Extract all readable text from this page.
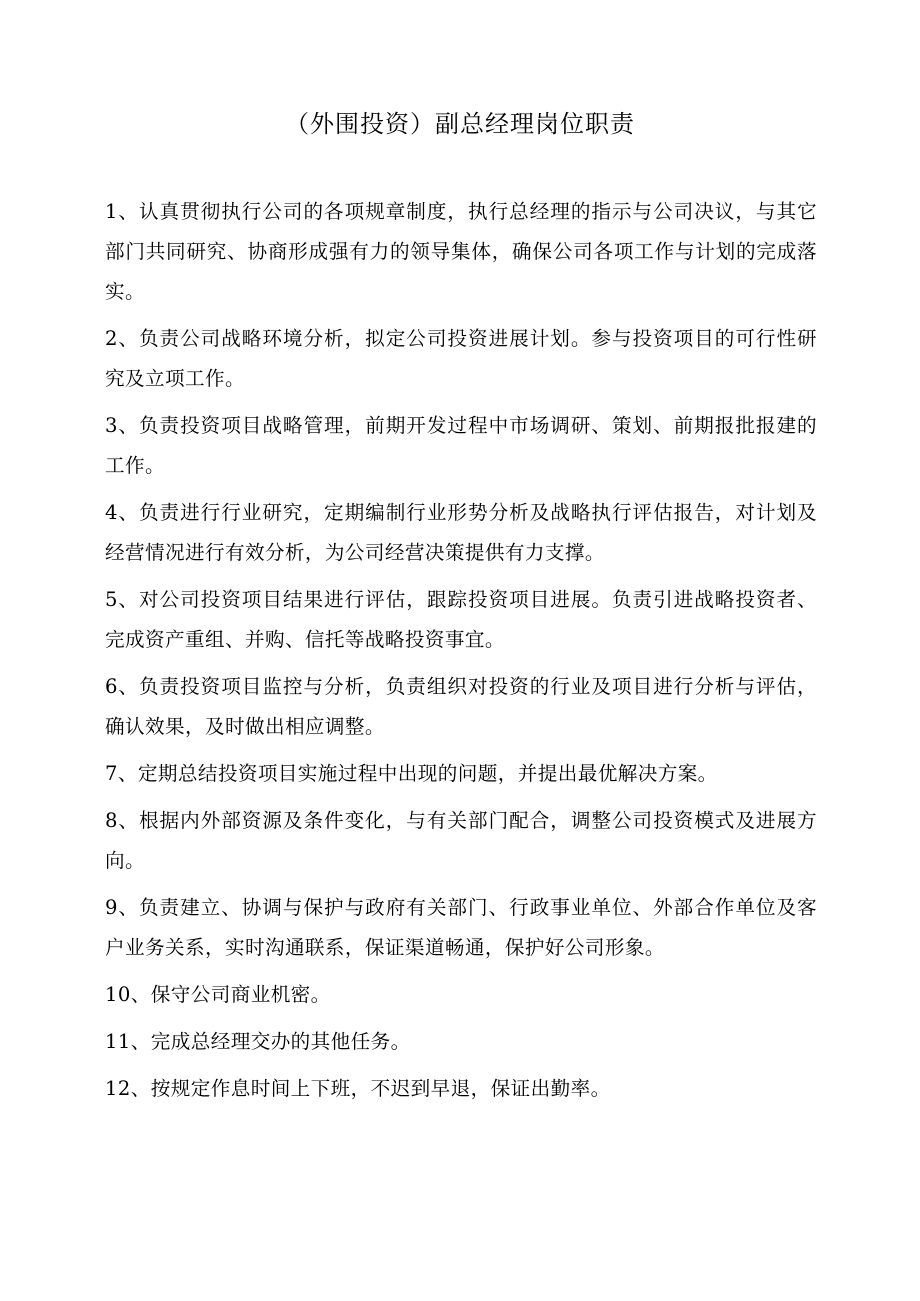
（外围投资）副总经理岗位职责
1、认真贯彻执行公司的各项规章制度，执行总经理的指示与公司决议，与其它部门共同研究、协商形成强有力的领导集体，确保公司各项工作与计划的完成落实。
2、负责公司战略环境分析，拟定公司投资进展计划。参与投资项目的可行性研究及立项工作。
3、负责投资项目战略管理，前期开发过程中市场调研、策划、前期报批报建的工作。
4、负责进行行业研究，定期编制行业形势分析及战略执行评估报告，对计划及经营情况进行有效分析，为公司经营决策提供有力支撑。
5、对公司投资项目结果进行评估，跟踪投资项目进展。负责引进战略投资者、完成资产重组、并购、信托等战略投资事宜。
6、负责投资项目监控与分析，负责组织对投资的行业及项目进行分析与评估，确认效果，及时做出相应调整。
7、定期总结投资项目实施过程中出现的问题，并提出最优解决方案。
8、根据内外部资源及条件变化，与有关部门配合，调整公司投资模式及进展方向。
9、负责建立、协调与保护与政府有关部门、行政事业单位、外部合作单位及客户业务关系，实时沟通联系，保证渠道畅通，保护好公司形象。
10、保守公司商业机密。
11、完成总经理交办的其他任务。
12、按规定作息时间上下班，不迟到早退，保证出勤率。
